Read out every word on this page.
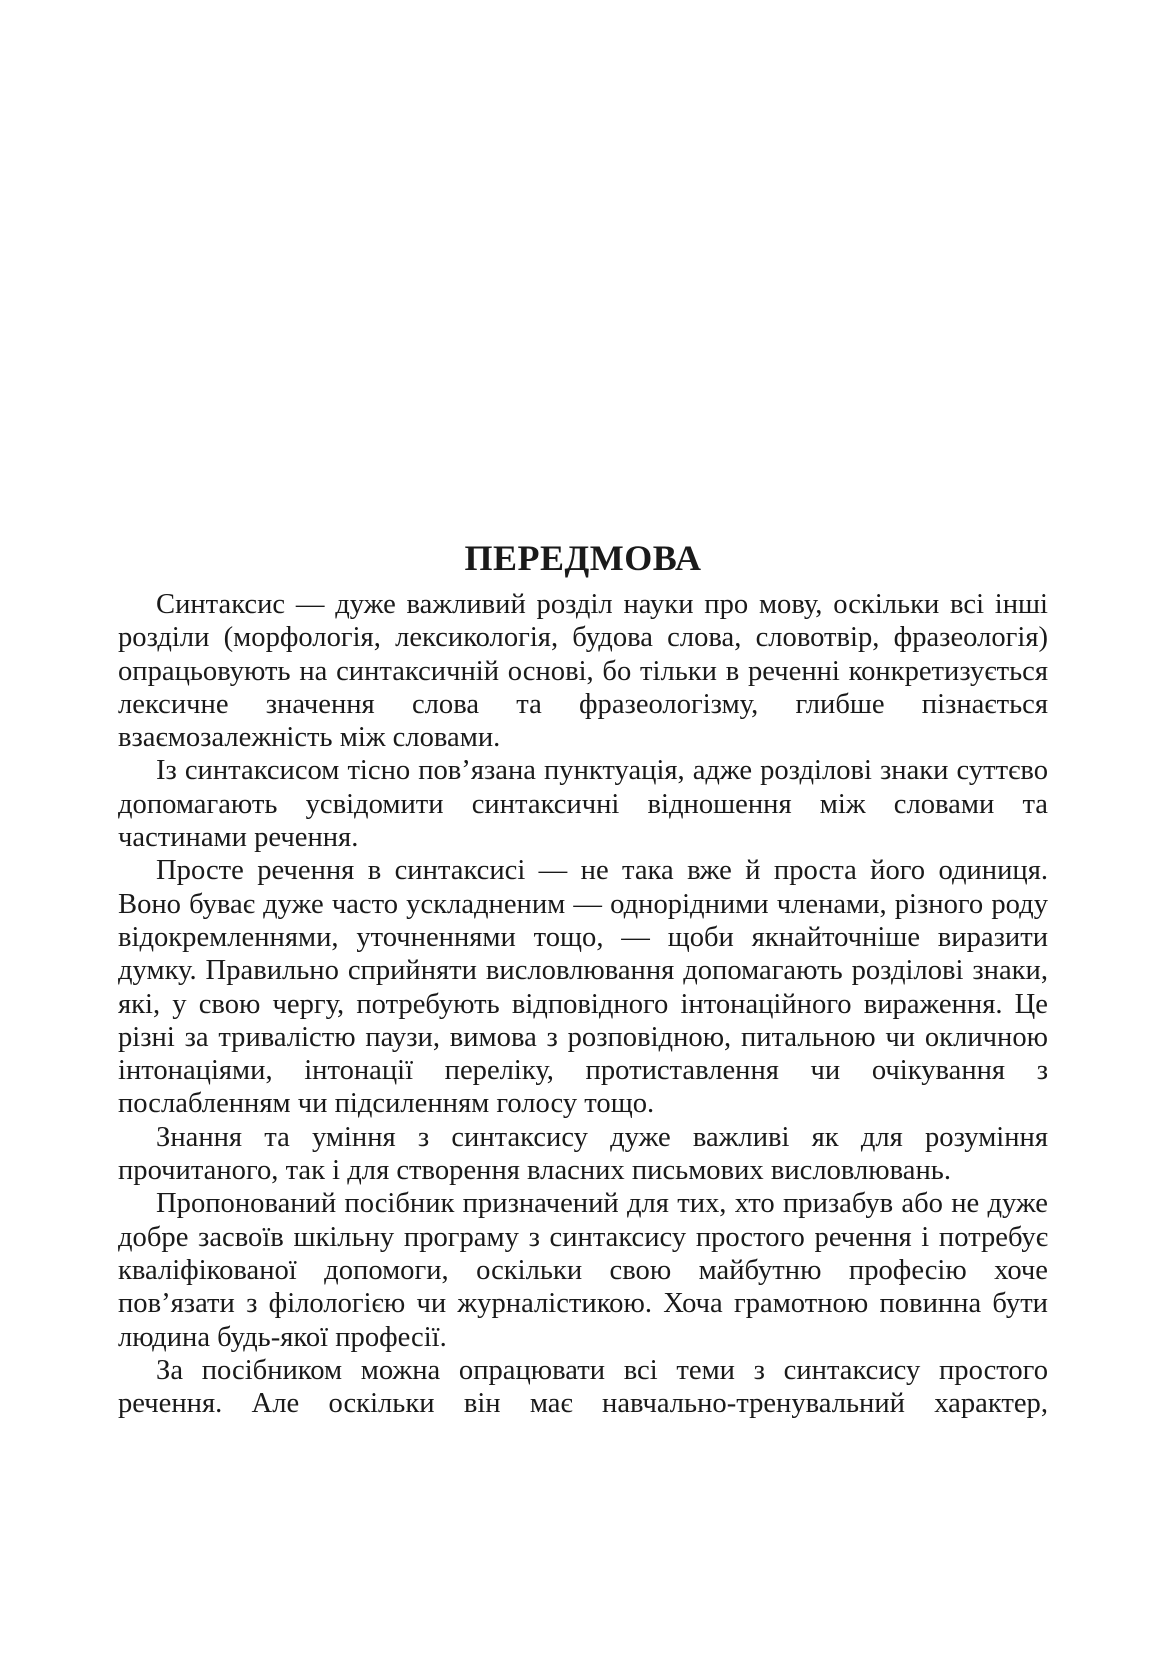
ПЕРЕДМОВА

Синтаксис — дуже важливий розділ науки про мову, оскільки всі інші розділи (морфологія, лексикологія, будова слова, словотвір, фразеологія) опрацьовують на синтаксичній основі, бо тільки в реченні конкретизується лексичне значення слова та фразеологізму, глибше пізнається взаємозалежність між словами.

Із синтаксисом тісно пов’язана пунктуація, адже розділові знаки суттєво допомагають усвідомити синтаксичні відношення між словами та частинами речення.

Просте речення в синтаксисі — не така вже й проста його одиниця. Воно буває дуже часто ускладненим — однорідними членами, різного роду відокремленнями, уточненнями тощо, — щоби якнайточніше виразити думку. Правильно сприйняти висловлювання допомагають розділові знаки, які, у свою чергу, потребують відповідного інтонаційного вираження. Це різні за тривалістю паузи, вимова з розповідною, питальною чи окличною інтонаціями, інтонації переліку, протиставлення чи очікування з послабленням чи підсиленням голосу тощо.

Знання та уміння з синтаксису дуже важливі як для розуміння прочитаного, так і для створення власних письмових висловлювань.

Пропонований посібник призначений для тих, хто призабув або не дуже добре засвоїв шкільну програму з синтаксису простого речення і потребує кваліфікованої допомоги, оскільки свою майбутню професію хоче пов’язати з філологією чи журналістикою. Хоча грамотною повинна бути людина будь-якої професії.

За посібником можна опрацювати всі теми з синтаксису простого речення. Але оскільки він має навчально-тренувальний характер,
